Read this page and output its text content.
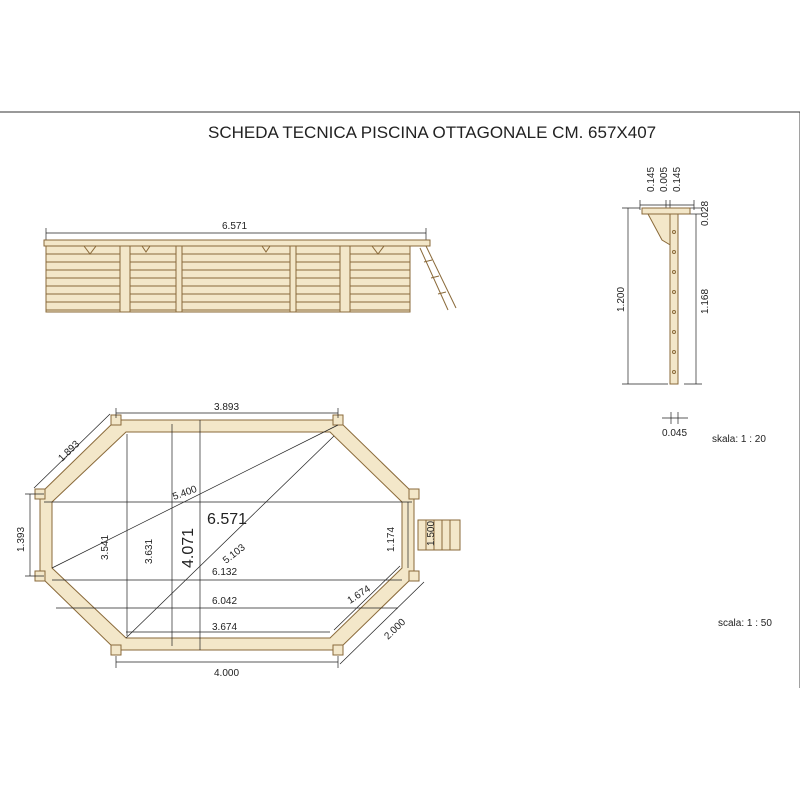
SCHEDA TECNICA PISCINA OTTAGONALE CM. 657X407
6.571
0.145 0.005 0.145
0.028
1.200	1.168
0.045
skala: 1 : 20
3.893
1.893
1.393
5.400
5.103
3.541	3.631 4.071
6.571
6.132
6.042
3.674
4.000
1.174
1.674
2.000
1.500
scala: 1 : 50
